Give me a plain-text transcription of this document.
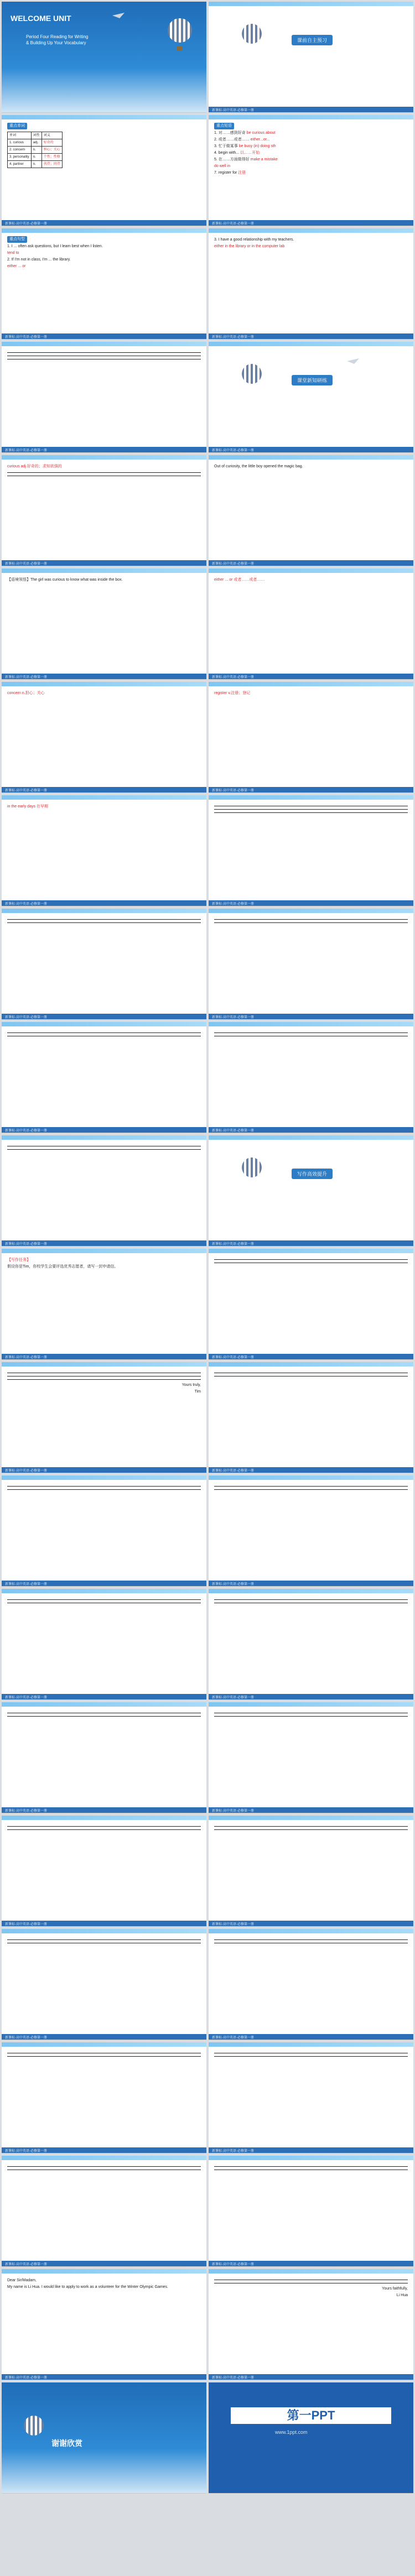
WELCOME UNIT
Period Four Reading for Writing
& Building Up Your Vocabulary	课前自主预习
新课标·高中英语·必修第一册
重点单词
单词	词性	词义
1. curious	adj.	好奇的
2. concern	n.	担心；关心
3. personality	n.	个性；性格
4. partner	n.	伙伴；同伴
新课标·高中英语·必修第一册
重点短语
1. 对……感到好奇 be curious about
2. 或者……或者…… either...or...
3. 忙于做某事 be busy (in) doing sth
4. begin with... 以……开始
5. 在……方面做得好 make a mistake
do well in
7. register for 注册
新课标·高中英语·必修第一册
重点句型
1. I ... often ask questions, but I learn best when I listen.
tend to
2. If I'm not in class, I'm ... the library.
either ... or
新课标·高中英语·必修第一册
3. I have a good relationship with my teachers.
either in the library or in the computer lab
新课标·高中英语·必修第一册
新课标·高中英语·必修第一册
课堂新知研练
新课标·高中英语·必修第一册
curious adj.好奇的；求知欲强的
新课标·高中英语·必修第一册
Out of curiosity, the little boy opened the magic bag.
新课标·高中英语·必修第一册
【语境领悟】The girl was curious to know what was inside the box.
新课标·高中英语·必修第一册
either ... or 或者……或者……
新课标·高中英语·必修第一册
concern n.担心；关心
新课标·高中英语·必修第一册
register v.注册；登记
新课标·高中英语·必修第一册
in the early days 在早期
新课标·高中英语·必修第一册	新课标·高中英语·必修第一册
新课标·高中英语·必修第一册	新课标·高中英语·必修第一册
新课标·高中英语·必修第一册	新课标·高中英语·必修第一册
新课标·高中英语·必修第一册
写作高效提升
新课标·高中英语·必修第一册
【写作任务】
假设你是Tim，你校学生会要评选优秀志愿者，请写一封申请信。
新课标·高中英语·必修第一册	新课标·高中英语·必修第一册
Yours truly,
Tim
新课标·高中英语·必修第一册	新课标·高中英语·必修第一册
新课标·高中英语·必修第一册	新课标·高中英语·必修第一册
新课标·高中英语·必修第一册	新课标·高中英语·必修第一册
新课标·高中英语·必修第一册	新课标·高中英语·必修第一册
新课标·高中英语·必修第一册	新课标·高中英语·必修第一册
新课标·高中英语·必修第一册	新课标·高中英语·必修第一册
新课标·高中英语·必修第一册	新课标·高中英语·必修第一册
新课标·高中英语·必修第一册	新课标·高中英语·必修第一册
Dear Sir/Madam,
My name is Li Hua. I would like to apply to work as a volunteer for the Winter Olympic Games.
新课标·高中英语·必修第一册
Yours faithfully,
Li Hua
新课标·高中英语·必修第一册
谢谢欣赏
第一PPT
www.1ppt.com
